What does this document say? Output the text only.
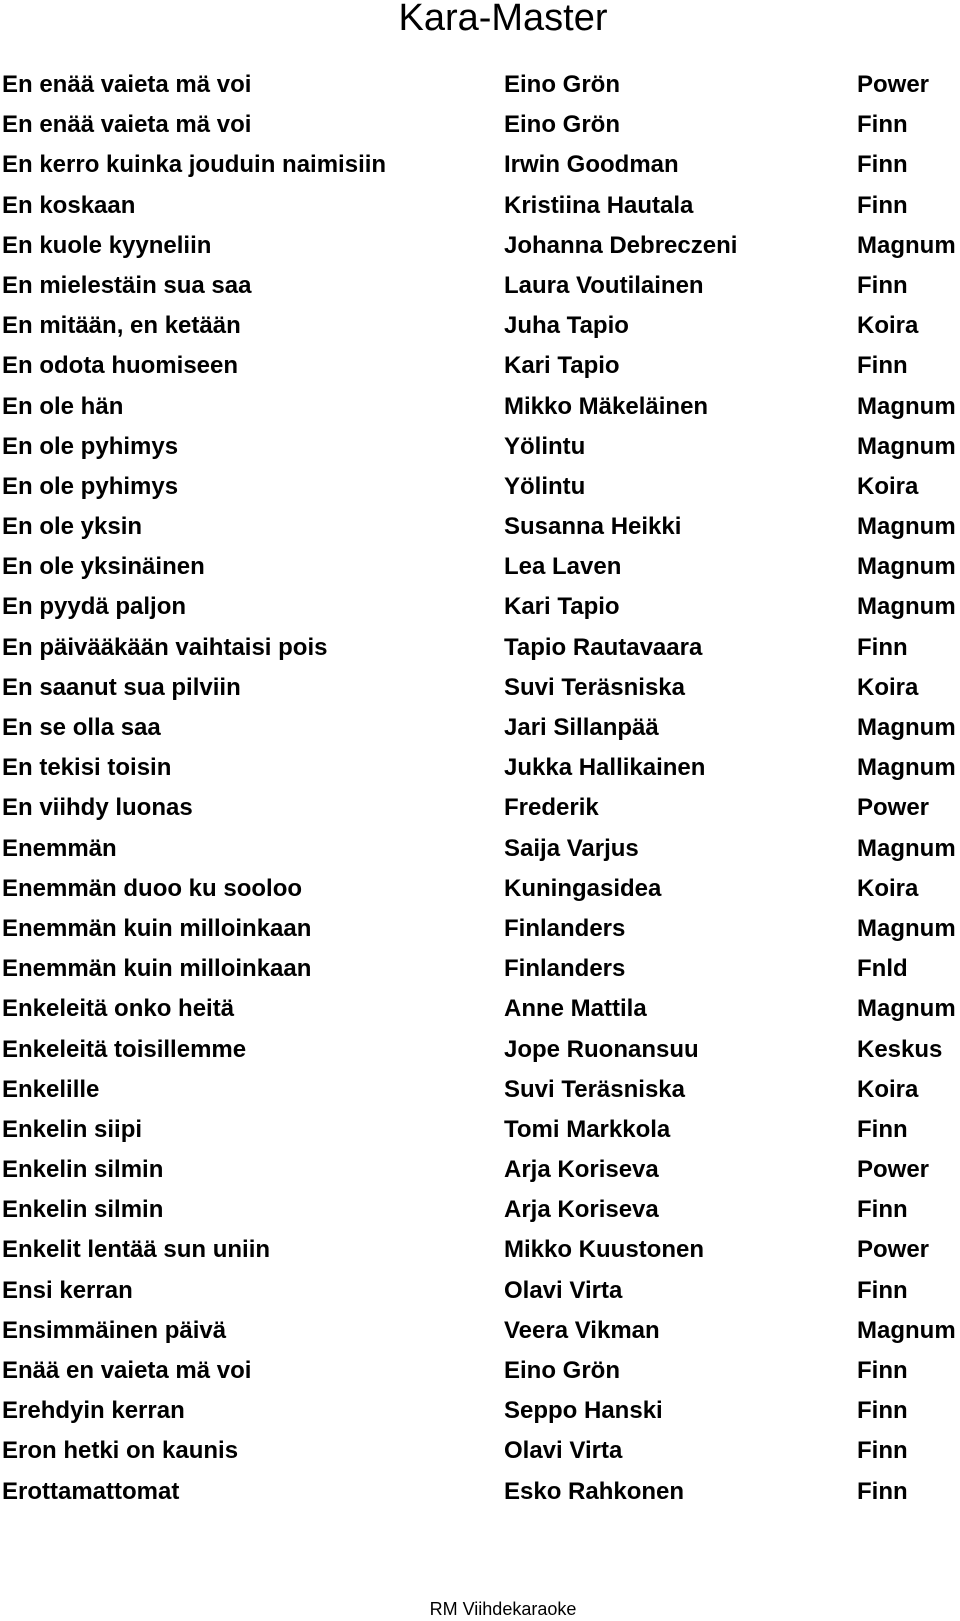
Kara-Master
En enää vaieta mä voi	Eino Grön	Power
En enää vaieta mä voi	Eino Grön	Finn
En kerro kuinka jouduin naimisiin	Irwin Goodman	Finn
En koskaan	Kristiina Hautala	Finn
En kuole kyyneliin	Johanna Debreczeni	Magnum
En mielestäin sua saa	Laura Voutilainen	Finn
En mitään, en ketään	Juha Tapio	Koira
En odota huomiseen	Kari Tapio	Finn
En ole hän	Mikko Mäkeläinen	Magnum
En ole pyhimys	Yölintu	Magnum
En ole pyhimys	Yölintu	Koira
En ole yksin	Susanna Heikki	Magnum
En ole yksinäinen	Lea Laven	Magnum
En pyydä paljon	Kari Tapio	Magnum
En päivääkään vaihtaisi pois	Tapio Rautavaara	Finn
En saanut sua pilviin	Suvi Teräsniska	Koira
En se olla saa	Jari Sillanpää	Magnum
En tekisi toisin	Jukka Hallikainen	Magnum
En viihdy luonas	Frederik	Power
Enemmän	Saija Varjus	Magnum
Enemmän duoo ku sooloo	Kuningasidea	Koira
Enemmän kuin milloinkaan	Finlanders	Magnum
Enemmän kuin milloinkaan	Finlanders	Fnld
Enkeleitä onko heitä	Anne Mattila	Magnum
Enkeleitä toisillemme	Jope Ruonansuu	Keskus
Enkelille	Suvi Teräsniska	Koira
Enkelin siipi	Tomi Markkola	Finn
Enkelin silmin	Arja Koriseva	Power
Enkelin silmin	Arja Koriseva	Finn
Enkelit lentää sun uniin	Mikko Kuustonen	Power
Ensi kerran	Olavi Virta	Finn
Ensimmäinen päivä	Veera Vikman	Magnum
Enää en vaieta mä voi	Eino Grön	Finn
Erehdyin kerran	Seppo Hanski	Finn
Eron hetki on kaunis	Olavi Virta	Finn
Erottamattomat	Esko Rahkonen	Finn
RM Viihdekaraoke
